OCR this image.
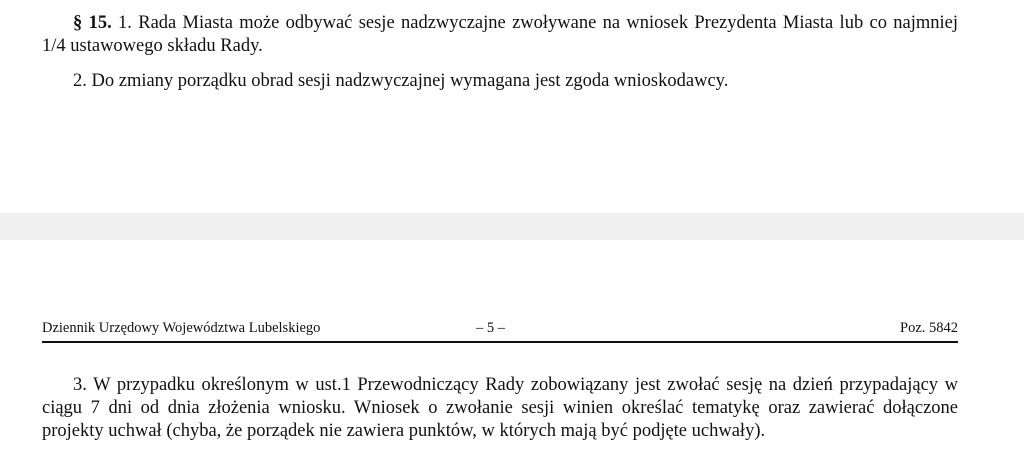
§ 15. 1. Rada Miasta może odbywać sesje nadzwyczajne zwoływane na wniosek Prezydenta Miasta lub co najmniej 1/4 ustawowego składu Rady.

2. Do zmiany porządku obrad sesji nadzwyczajnej wymagana jest zgoda wnioskodawcy.

Dziennik Urzędowy Województwa Lubelskiego	– 5 –	Poz. 5842

3. W przypadku określonym w ust.1 Przewodniczący Rady zobowiązany jest zwołać sesję na dzień przypadający w ciągu 7 dni od dnia złożenia wniosku. Wniosek o zwołanie sesji winien określać tematykę oraz zawierać dołączone projekty uchwał (chyba, że porządek nie zawiera punktów, w których mają być podjęte uchwały).
